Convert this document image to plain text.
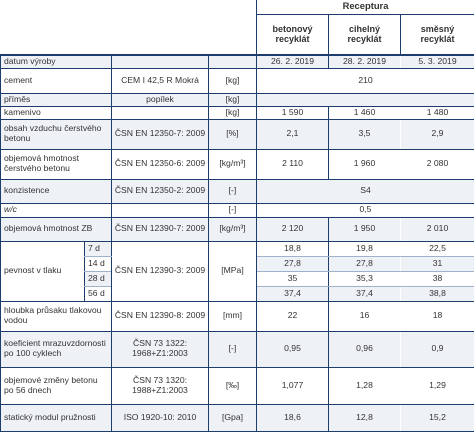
				Receptura		
				betonový recyklát	cihelný recyklát	směsný recyklát
datum výroby				26. 2. 2019	28. 2. 2019	5. 3. 2019
cement		CEM I 42,5 R Mokrá	[kg]	210		
příměs		popílek	[kg]			
kamenivo			[kg]	1 590	1 460	1 480
obsah vzduchu čerstvého betonu		ČSN EN 12350-7: 2009	[%]	2,1	3,5	2,9
objemová hmotnost čerstvého betonu		ČSN EN 12350-6: 2009	[kg/m³]	2 110	1 960	2 080
konzistence		ČSN EN 12350-2: 2009	[-]	S4		
w/c			[-]	0,5		
objemová hmotnost ZB		ČSN EN 12390-7: 2009	[kg/m³]	2 120	1 950	2 010
pevnost v tlaku	7 d	ČSN EN 12390-3: 2009	[MPa]	18,8	19,8	22,5
	14 d			27,8	27,8	31
	28 d			35	35,3	38
	56 d			37,4	37,4	38,8
hloubka průsaku tlakovou vodou		ČSN EN 12390-8: 2009	[mm]	22	16	18
koeficient mrazuvzdornosti po 100 cyklech		ČSN 73 1322: 1968+Z1:2003	[-]	0,95	0,96	0,9
objemové změny betonu po 56 dnech		ČSN 73 1320: 1988+Z1:2003	[‰]	1,077	1,28	1,29
statický modul pružnosti		ISO 1920-10: 2010	[Gpa]	18,6	12,8	15,2
